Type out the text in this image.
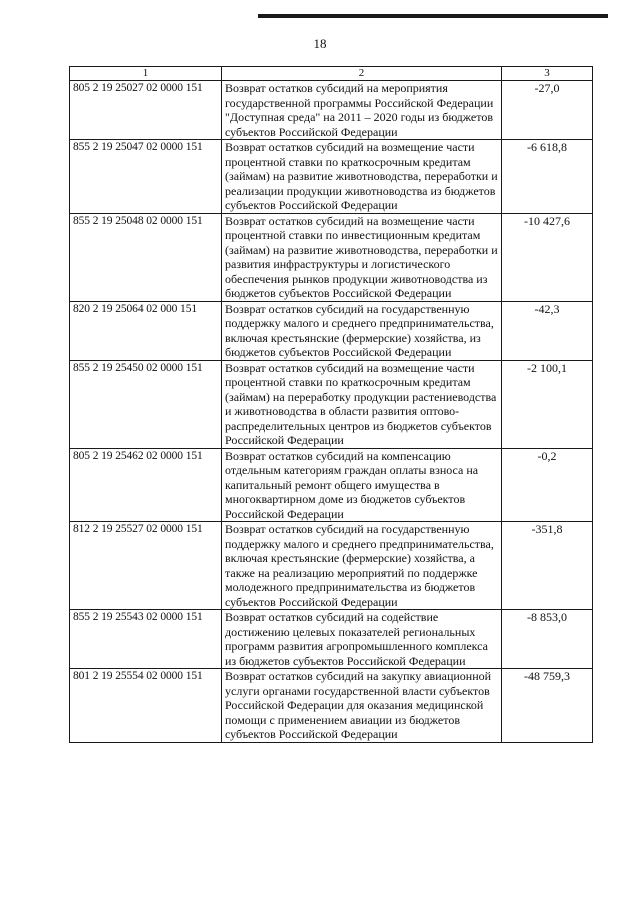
18
1	2	3
805 2 19 25027 02 0000 151	Возврат остатков субсидий на мероприятия государственной программы Российской Федерации "Доступная среда" на 2011 – 2020 годы из бюджетов субъектов Российской Федерации	-27,0
855 2 19 25047 02 0000 151	Возврат остатков субсидий на возмещение части процентной ставки по краткосрочным кредитам (займам) на развитие животноводства, переработки и реализации продукции животноводства из бюджетов субъектов Российской Федерации	-6 618,8
855 2 19 25048 02 0000 151	Возврат остатков субсидий на возмещение части процентной ставки по инвестиционным кредитам (займам) на развитие животноводства, переработки и развития инфраструктуры и логистического обеспечения рынков продукции животноводства из бюджетов субъектов Российской Федерации	-10 427,6
820 2 19 25064 02 000 151	Возврат остатков субсидий на государственную поддержку малого и среднего предпринимательства, включая крестьянские (фермерские) хозяйства, из бюджетов субъектов Российской Федерации	-42,3
855 2 19 25450 02 0000 151	Возврат остатков субсидий на возмещение части процентной ставки по краткосрочным кредитам (займам) на переработку продукции растениеводства и животноводства в области развития оптово-распределительных центров из бюджетов субъектов Российской Федерации	-2 100,1
805 2 19 25462 02 0000 151	Возврат остатков субсидий на компенсацию отдельным категориям граждан оплаты взноса на капитальный ремонт общего имущества в многоквартирном доме из бюджетов субъектов Российской Федерации	-0,2
812 2 19 25527 02 0000 151	Возврат остатков субсидий на государственную поддержку малого и среднего предпринимательства, включая крестьянские (фермерские) хозяйства, а также на реализацию мероприятий по поддержке молодежного предпринимательства из бюджетов субъектов Российской Федерации	-351,8
855 2 19 25543 02 0000 151	Возврат остатков субсидий на содействие достижению целевых показателей региональных программ развития агропромышленного комплекса из бюджетов субъектов Российской Федерации	-8 853,0
801 2 19 25554 02 0000 151	Возврат остатков субсидий на закупку авиационной услуги органами государственной власти субъектов Российской Федерации для оказания медицинской помощи с применением авиации из бюджетов субъектов Российской Федерации	-48 759,3
